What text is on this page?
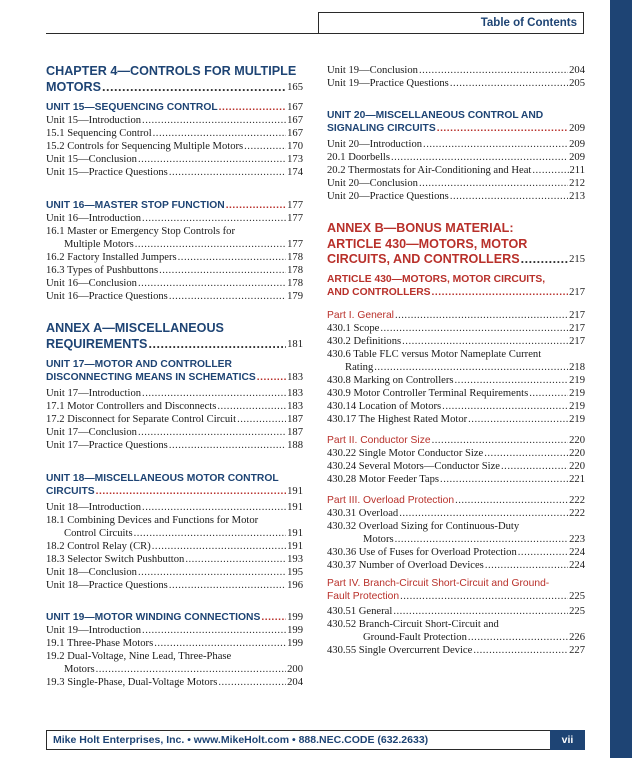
Table of Contents
CHAPTER 4—CONTROLS FOR MULTIPLE
MOTORS .....	165
UNIT 15—SEQUENCING CONTROL .....	167
Unit 15—Introduction .....	167
15.1 Sequencing Control .....	167
15.2 Controls for Sequencing Multiple Motors .....	170
Unit 15—Conclusion .....	173
Unit 15—Practice Questions .....	174
UNIT 16—MASTER STOP FUNCTION .....	177
Unit 16—Introduction .....	177
16.1 Master or Emergency Stop Controls for
Multiple Motors .....	177
16.2 Factory Installed Jumpers .....	178
16.3 Types of Pushbuttons .....	178
Unit 16—Conclusion .....	178
Unit 16—Practice Questions .....	179
ANNEX A—MISCELLANEOUS
REQUIREMENTS .....	181
UNIT 17—MOTOR AND CONTROLLER
DISCONNECTING MEANS IN SCHEMATICS .....	183
Unit 17—Introduction .....	183
17.1 Motor Controllers and Disconnects .....	183
17.2 Disconnect for Separate Control Circuit .....	187
Unit 17—Conclusion .....	187
Unit 17—Practice Questions .....	188
UNIT 18—MISCELLANEOUS MOTOR CONTROL
CIRCUITS .....	191
Unit 18—Introduction .....	191
18.1 Combining Devices and Functions for Motor
Control Circuits .....	191
18.2 Control Relay (CR) .....	191
18.3 Selector Switch Pushbutton .....	193
Unit 18—Conclusion .....	195
Unit 18—Practice Questions .....	196
UNIT 19—MOTOR WINDING CONNECTIONS .....	199
Unit 19—Introduction .....	199
19.1 Three-Phase Motors .....	199
19.2 Dual-Voltage, Nine Lead, Three-Phase
Motors .....	200
19.3 Single-Phase, Dual-Voltage Motors .....	204
Unit 19—Conclusion .....	204
Unit 19—Practice Questions .....	205
UNIT 20—MISCELLANEOUS CONTROL AND
SIGNALING CIRCUITS .....	209
Unit 20—Introduction .....	209
20.1 Doorbells .....	209
20.2 Thermostats for Air-Conditioning and Heat .....	211
Unit 20—Conclusion .....	212
Unit 20—Practice Questions .....	213
ANNEX B—BONUS MATERIAL:
ARTICLE 430—MOTORS, MOTOR
CIRCUITS, AND CONTROLLERS .....	215
ARTICLE 430—MOTORS, MOTOR CIRCUITS,
AND CONTROLLERS .....	217
Part I. General .....	217
430.1 Scope .....	217
430.2 Definitions .....	217
430.6 Table FLC versus Motor Nameplate Current
Rating .....	218
430.8 Marking on Controllers .....	219
430.9 Motor Controller Terminal Requirements .....	219
430.14 Location of Motors .....	219
430.17 The Highest Rated Motor .....	219
Part II. Conductor Size .....	220
430.22 Single Motor Conductor Size .....	220
430.24 Several Motors—Conductor Size .....	220
430.28 Motor Feeder Taps .....	221
Part III. Overload Protection .....	222
430.31 Overload .....	222
430.32 Overload Sizing for Continuous-Duty
Motors .....	223
430.36 Use of Fuses for Overload Protection .....	224
430.37 Number of Overload Devices .....	224
Part IV. Branch-Circuit Short-Circuit and Ground-
Fault Protection .....	225
430.51 General .....	225
430.52 Branch-Circuit Short-Circuit and
Ground-Fault Protection .....	226
430.55 Single Overcurrent Device .....	227
Mike Holt Enterprises, Inc. • www.MikeHolt.com • 888.NEC.CODE (632.2633)	vii
